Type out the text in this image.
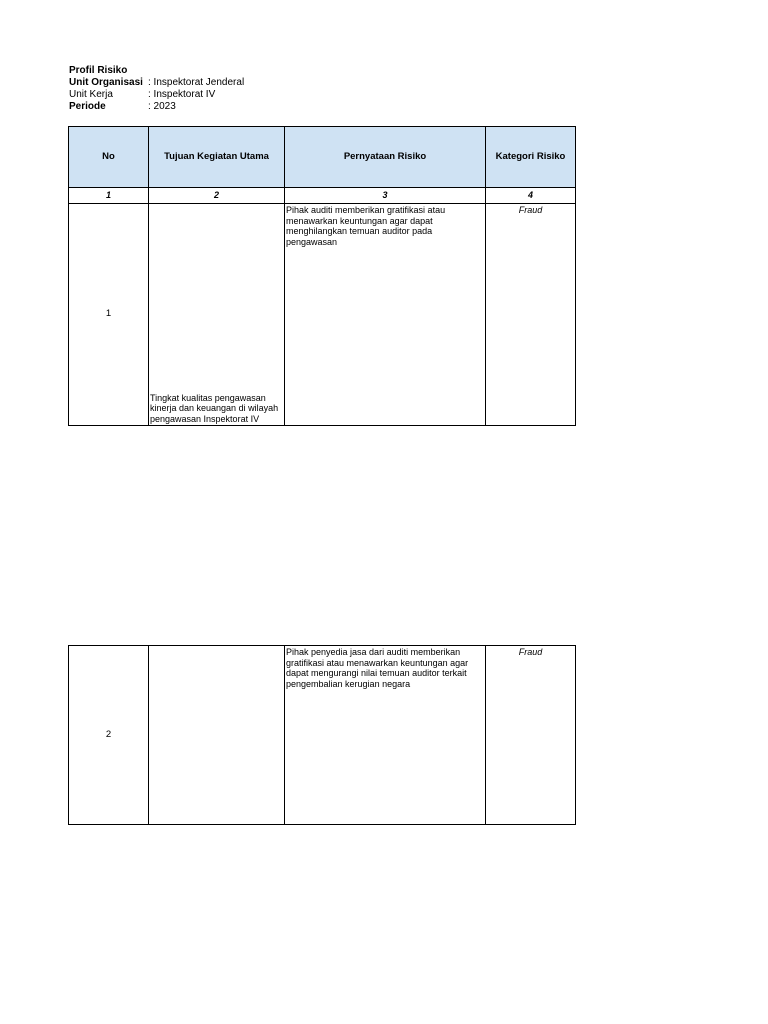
Profil Risiko
Unit Organisasi : Inspektorat Jenderal
Unit Kerja	: Inspektorat IV
Periode	: 2023
No	Tujuan Kegiatan Utama	Pernyataan Risiko	Kategori Risiko
1	2	3	4
1	Tingkat kualitas pengawasan kinerja dan keuangan di wilayah pengawasan Inspektorat IV	Pihak auditi memberikan gratifikasi atau menawarkan keuntungan agar dapat menghilangkan temuan auditor pada pengawasan	Fraud
2		Pihak penyedia jasa dari auditi memberikan gratifikasi atau menawarkan keuntungan agar dapat mengurangi nilai temuan auditor terkait pengembalian kerugian negara	Fraud
